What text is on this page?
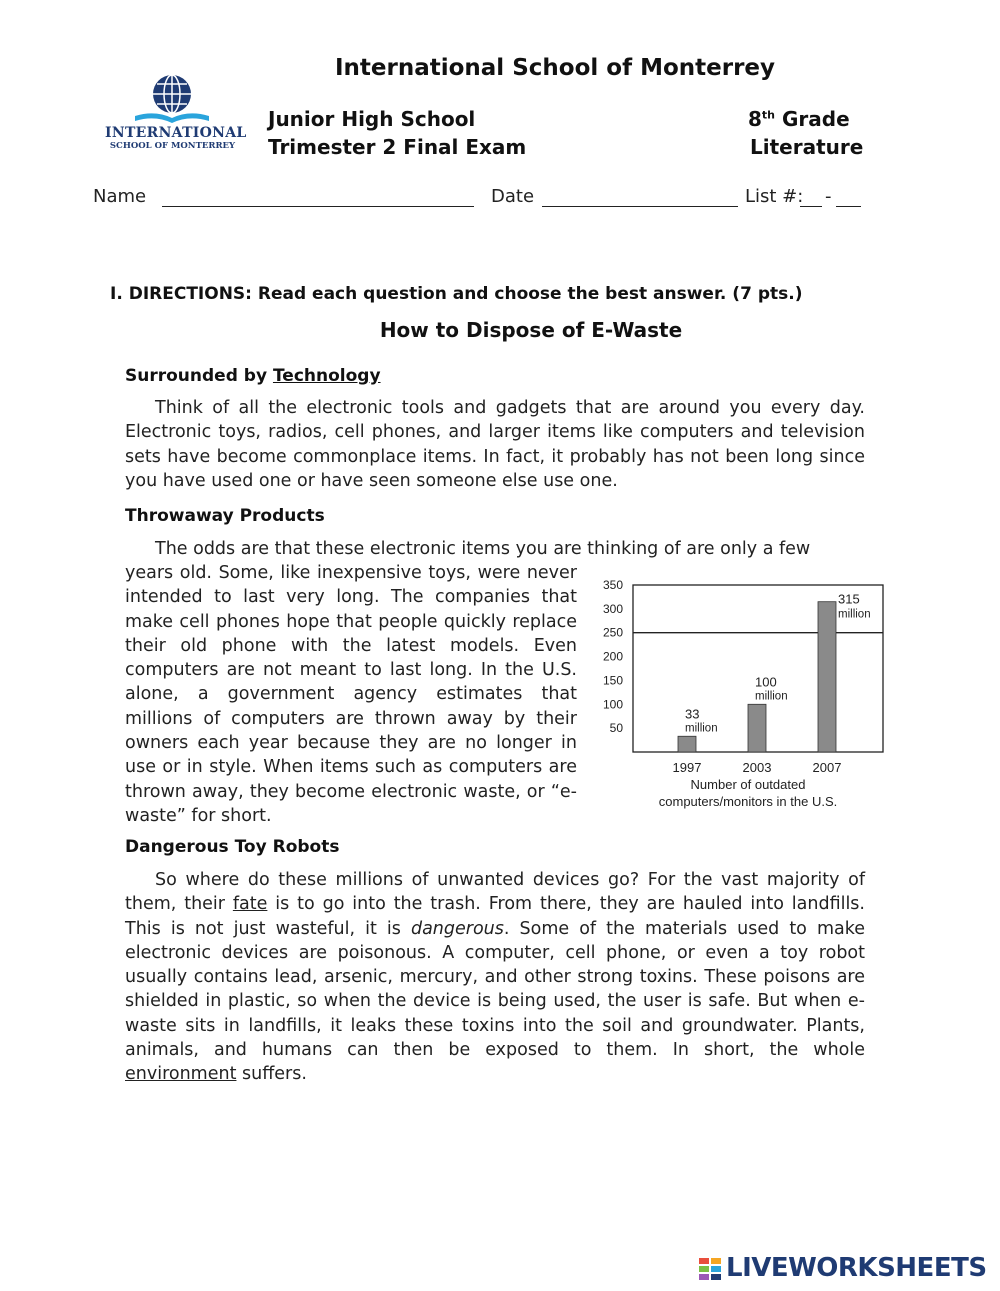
International School of Monterrey
INTERNATIONAL
SCHOOL OF MONTERREY
Junior High School
Trimester 2 Final Exam
8th Grade
Literature
Name	Date	List #: -
I. DIRECTIONS: Read each question and choose the best answer. (7 pts.)
How to Dispose of E-Waste
Surrounded by Technology
Think of all the electronic tools and gadgets that are around you every day. Electronic toys, radios, cell phones, and larger items like computers and television sets have become commonplace items. In fact, it probably has not been long since you have used one or have seen someone else use one.
Throwaway Products
The odds are that these electronic items you are thinking of are only a few
years old. Some, like inexpensive toys, were never intended to last very long. The companies that make cell phones hope that people quickly replace their old phone with the latest models. Even computers are not meant to last long. In the U.S. alone, a government agency estimates that millions of computers are thrown away by their owners each year because they are no longer in use or in style. When items such as computers are thrown away, they become electronic waste, or “e-waste” for short.
50
100
150
200
250
300
350
33
million
100
million
315
million
1997	2003	2007
Number of outdated
computers/monitors in the U.S.
Dangerous Toy Robots
So where do these millions of unwanted devices go? For the vast majority of them, their fate is to go into the trash. From there, they are hauled into landfills. This is not just wasteful, it is dangerous. Some of the materials used to make electronic devices are poisonous. A computer, cell phone, or even a toy robot usually contains lead, arsenic, mercury, and other strong toxins. These poisons are shielded in plastic, so when the device is being used, the user is safe. But when e-waste sits in landfills, it leaks these toxins into the soil and groundwater. Plants, animals, and humans can then be exposed to them. In short, the whole environment suffers.
LIVEWORKSHEETS
